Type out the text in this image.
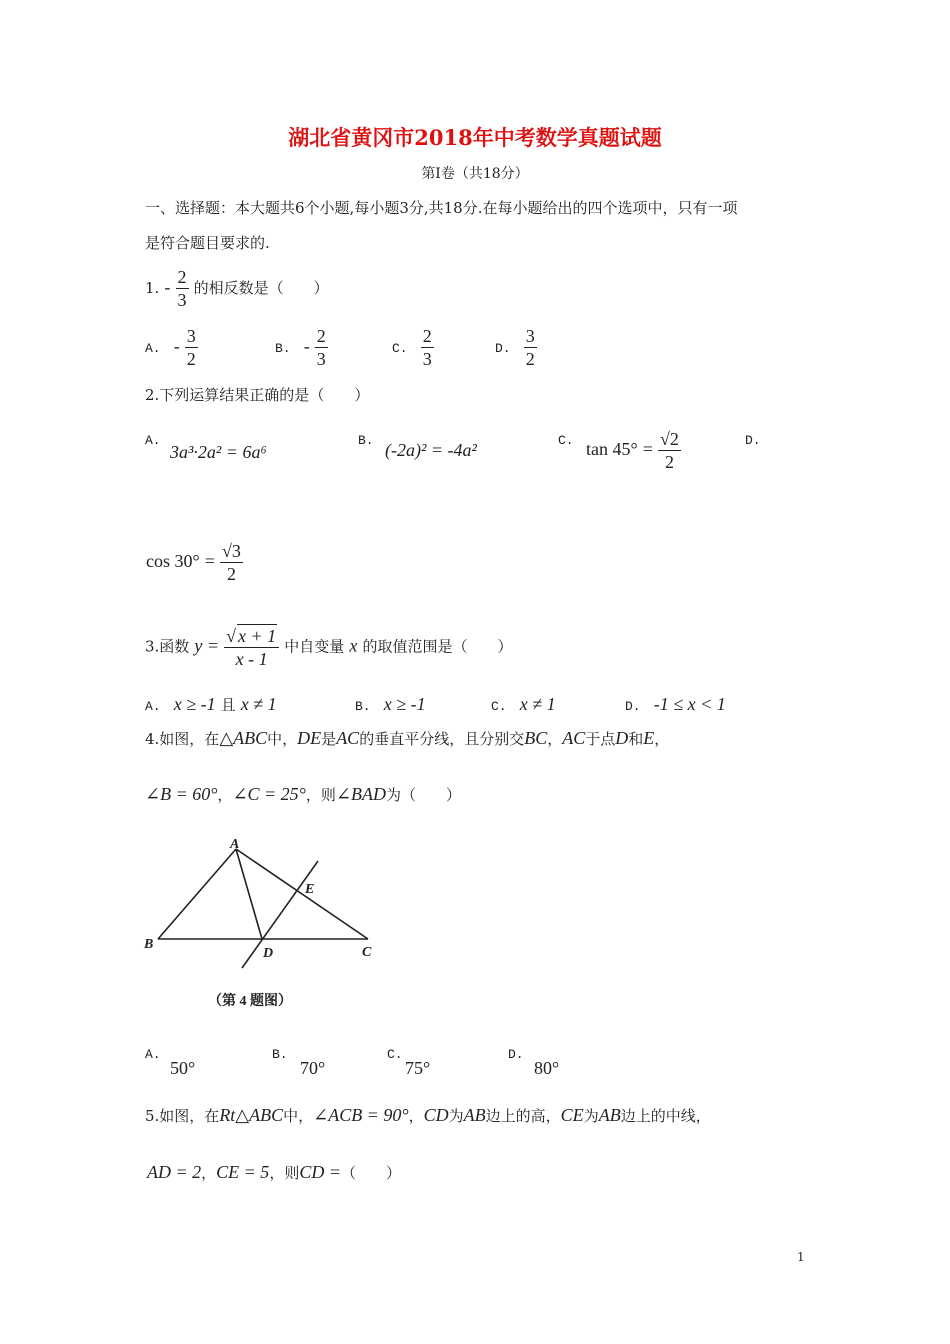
湖北省黄冈市2018年中考数学真题试题
第Ⅰ卷（共18分）
一、选择题：本大题共6个小题,每小题3分,共18分.在每小题给出的四个选项中，只有一项
是符合题目要求的.
1. - $\frac{2}{3}$ 的相反数是（　　）
A. - $\frac{3}{2}$	B. - $\frac{2}{3}$	C. $\frac{2}{3}$	D. $\frac{3}{2}$
2.下列运算结果正确的是（　　）
A.
3a³·2a² = 6a⁶
B. (-2a)² = -4a²	C. $\tan 45^\circ = \frac{√2}{2}$	D.
$\cos 30^\circ = \frac{√3}{2}$
3.函数 $y = \frac{√ x + 1}{x - 1}$ 中自变量 x 的取值范围是（　　）
A. x ≥ -1 且 x ≠ 1	B. x ≥ -1	C. x ≠ 1	D. -1 ≤ x < 1
4.如图，在△ABC中，DE是AC的垂直平分线，且分别交BC，AC于点D和E，
∠B = 60°，∠C = 25°，则∠BAD为（　　）
A
B
C
D
E
（第 4 题图）
A.
50°
B.
70°
C.
75°
D.
80°
5.如图，在Rt△ABC中，∠ACB = 90°，CD为AB边上的高，CE为AB边上的中线，
AD = 2，CE = 5，则CD =（　　）
1
